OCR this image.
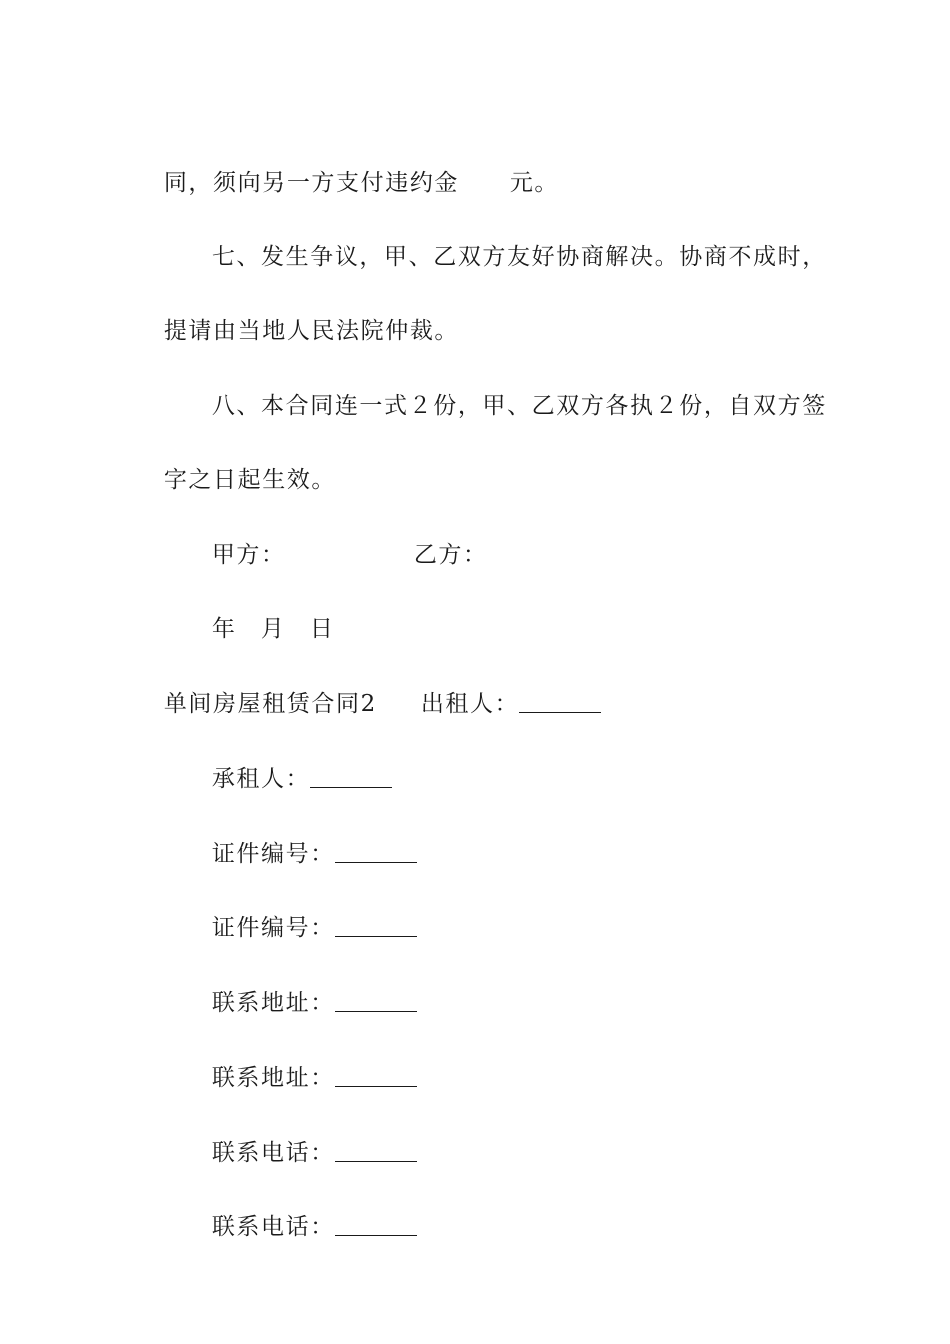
同，须向另一方支付违约金	元。

七、发生争议，甲、乙双方友好协商解决。协商不成时，

提请由当地人民法院仲裁。

八、本合同连一式２份，甲、乙双方各执２份，自双方签

字之日起生效。

甲方：	乙方：

年	月	日

单间房屋租赁合同2	出租人：

承租人：

证件编号：

证件编号：

联系地址：

联系地址：

联系电话：

联系电话：
